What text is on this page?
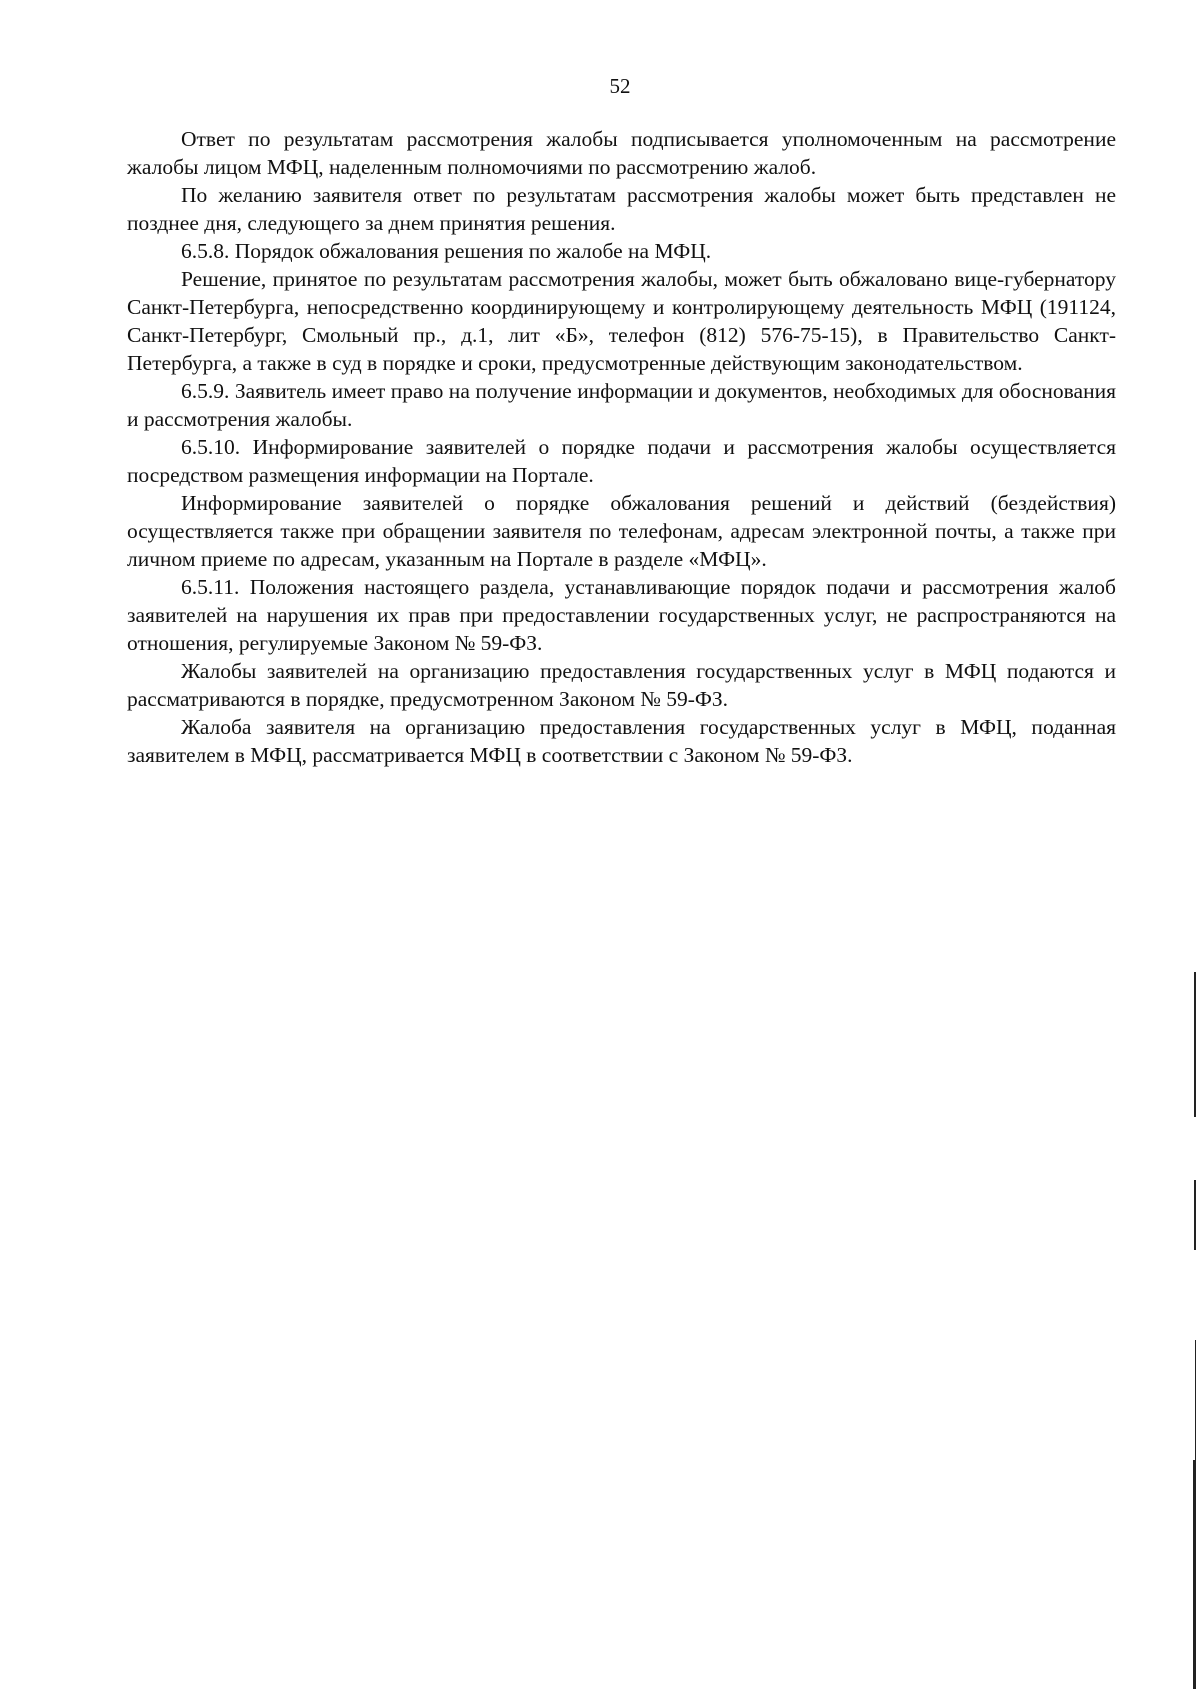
52

Ответ по результатам рассмотрения жалобы подписывается уполномоченным на рассмотрение жалобы лицом МФЦ, наделенным полномочиями по рассмотрению жалоб.

По желанию заявителя ответ по результатам рассмотрения жалобы может быть представлен не позднее дня, следующего за днем принятия решения.

6.5.8. Порядок обжалования решения по жалобе на МФЦ.

Решение, принятое по результатам рассмотрения жалобы, может быть обжаловано вице-губернатору Санкт-Петербурга, непосредственно координирующему и контролирующему деятельность МФЦ (191124, Санкт-Петербург, Смольный пр., д.1, лит «Б», телефон (812) 576-75-15), в Правительство Санкт-Петербурга, а также в суд в порядке и сроки, предусмотренные действующим законодательством.

6.5.9. Заявитель имеет право на получение информации и документов, необходимых для обоснования и рассмотрения жалобы.

6.5.10. Информирование заявителей о порядке подачи и рассмотрения жалобы осуществляется посредством размещения информации на Портале.

Информирование заявителей о порядке обжалования решений и действий (бездействия) осуществляется также при обращении заявителя по телефонам, адресам электронной почты, а также при личном приеме по адресам, указанным на Портале в разделе «МФЦ».

6.5.11. Положения настоящего раздела, устанавливающие порядок подачи и рассмотрения жалоб заявителей на нарушения их прав при предоставлении государственных услуг, не распространяются на отношения, регулируемые Законом № 59-ФЗ.

Жалобы заявителей на организацию предоставления государственных услуг в МФЦ подаются и рассматриваются в порядке, предусмотренном Законом № 59-ФЗ.

Жалоба заявителя на организацию предоставления государственных услуг в МФЦ, поданная заявителем в МФЦ, рассматривается МФЦ в соответствии с Законом № 59-ФЗ.
